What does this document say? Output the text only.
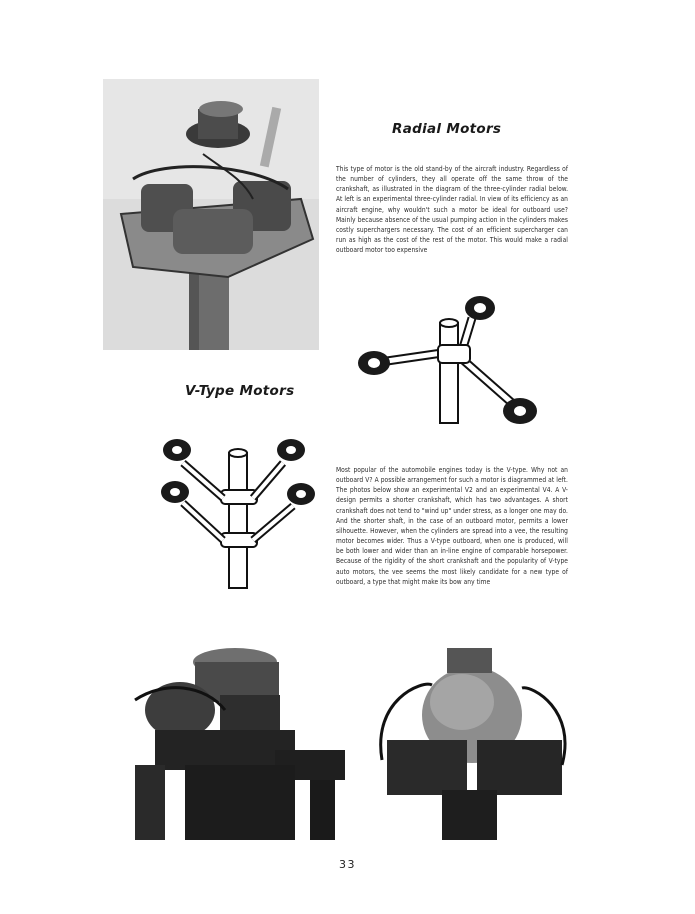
Radial Motors

This type of motor is the old stand-by of the aircraft industry. Regardless of the number of cylinders, they all operate off the same throw of the crankshaft, as illustrated in the diagram of the three-cylinder radial below. At left is an experimental three-cylinder radial. In view of its efficiency as an aircraft engine, why wouldn't such a motor be ideal for outboard use? Mainly because absence of the usual pumping action in the cylinders makes costly superchargers necessary. The cost of an efficient supercharger can run as high as the cost of the rest of the motor. This would make a radial outboard motor too expensive

V-Type Motors

Most popular of the automobile engines today is the V-type. Why not an outboard V? A possible arrangement for such a motor is diagrammed at left. The photos below show an experimental V2 and an experimental V4. A V-design permits a shorter crankshaft, which has two advantages. A short crankshaft does not tend to "wind up" under stress, as a longer one may do. And the shorter shaft, in the case of an outboard motor, permits a lower silhouette. However, when the cylinders are spread into a vee, the resulting motor becomes wider. Thus a V-type outboard, when one is produced, will be both lower and wider than an in-line engine of comparable horsepower. Because of the rigidity of the short crankshaft and the popularity of V-type auto motors, the vee seems the most likely candidate for a new type of outboard, a type that might make its bow any time

33
